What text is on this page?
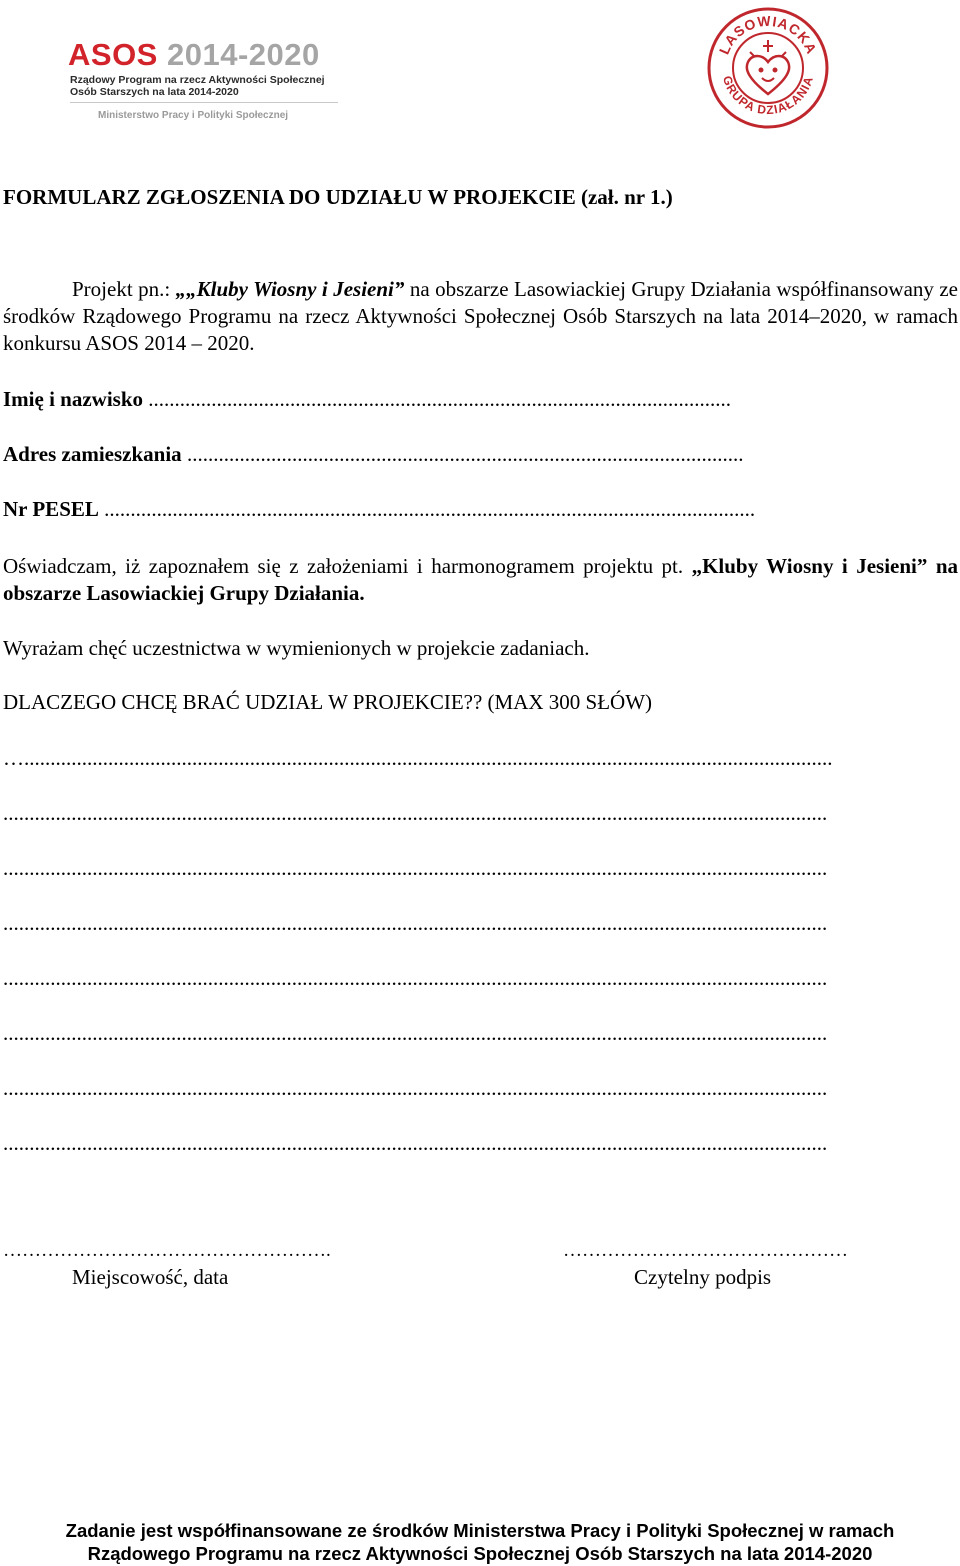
ASOS 2014-2020
Rządowy Program na rzecz Aktywności Społecznej
Osób Starszych na lata 2014-2020
Ministerstwo Pracy i Polityki Społecznej
LASOWIACKA
GRUPA DZIAŁANIA
FORMULARZ ZGŁOSZENIA DO UDZIAŁU W PROJEKCIE (zał. nr 1.)
Projekt pn.: „„Kluby Wiosny i Jesieni” na obszarze Lasowiackiej Grupy Działania współfinansowany ze środków Rządowego Programu na rzecz Aktywności Społecznej Osób Starszych na lata 2014–2020, w ramach konkursu ASOS 2014 – 2020.
Imię i nazwisko ...............................................................................................................
Adres zamieszkania ..........................................................................................................
Nr PESEL ............................................................................................................................
Oświadczam, iż zapoznałem się z założeniami i harmonogramem projektu pt. „Kluby Wiosny i Jesieni” na obszarze Lasowiackiej Grupy Działania.
Wyrażam chęć uczestnictwa w wymienionych w projekcie zadaniach.
DLACZEGO CHCĘ BRAĆ UDZIAŁ W PROJEKCIE?? (MAX 300 SŁÓW)
…..........................................................................................................................................................
.............................................................................................................................................................
.............................................................................................................................................................
.............................................................................................................................................................
.............................................................................................................................................................
.............................................................................................................................................................
.............................................................................................................................................................
.............................................................................................................................................................
…………………………………………….
Miejscowość, data
………………………………………
Czytelny podpis
Zadanie jest współfinansowane ze środków Ministerstwa Pracy i Polityki Społecznej w ramach
Rządowego Programu na rzecz Aktywności Społecznej Osób Starszych na lata 2014-2020
